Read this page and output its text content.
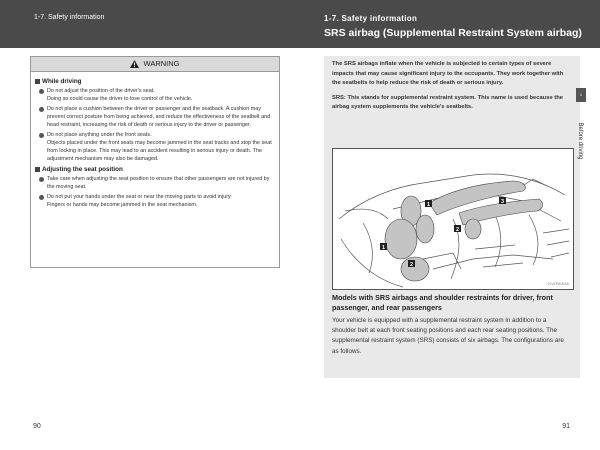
1-7. Safety information
WARNING
While driving

Do not adjust the position of the driver's seat.

Doing so could cause the driver to lose control of the vehicle.

Do not place a cushion between the driver or passenger and the seatback. A cushion may prevent correct posture from being achieved, and reduce the effectiveness of the seatbelt and head restraint, increasing the risk of death or serious injury to the driver or passenger.

Do not place anything under the front seats.

Objects placed under the front seats may become jammed in the seat tracks and stop the seat from locking in place. This may lead to an accident resulting in serious injury or death. The adjustment mechanism may also be damaged.

Adjusting the seat position

Take care when adjusting the seat position to ensure that other passengers are not injured by the moving seat.

Do not put your hands under the seat or near the moving parts to avoid injury.

Fingers or hands may become jammed in the seat mechanism.

90
1-7. Safety information
SRS airbag (Supplemental Restraint System airbag)

The SRS airbags inflate when the vehicle is subjected to certain types of severe impacts that may cause significant injury to the occupants. They work together with the seatbelts to help reduce the risk of death or serious injury.

SRS: This stands for supplemental restraint system. This name is used because the airbag system supplements the vehicle's seatbelts.

1
1
2
2
3
21V1P81KAS
Models with SRS airbags and shoulder restraints for driver, front passenger, and rear passengers
Your vehicle is equipped with a supplemental restraint system in addition to a shoulder belt at each front seating positions and each rear seating positions. The supplemental restraint system (SRS) consists of six airbags. The configurations are as follows.
91
1
Before driving
